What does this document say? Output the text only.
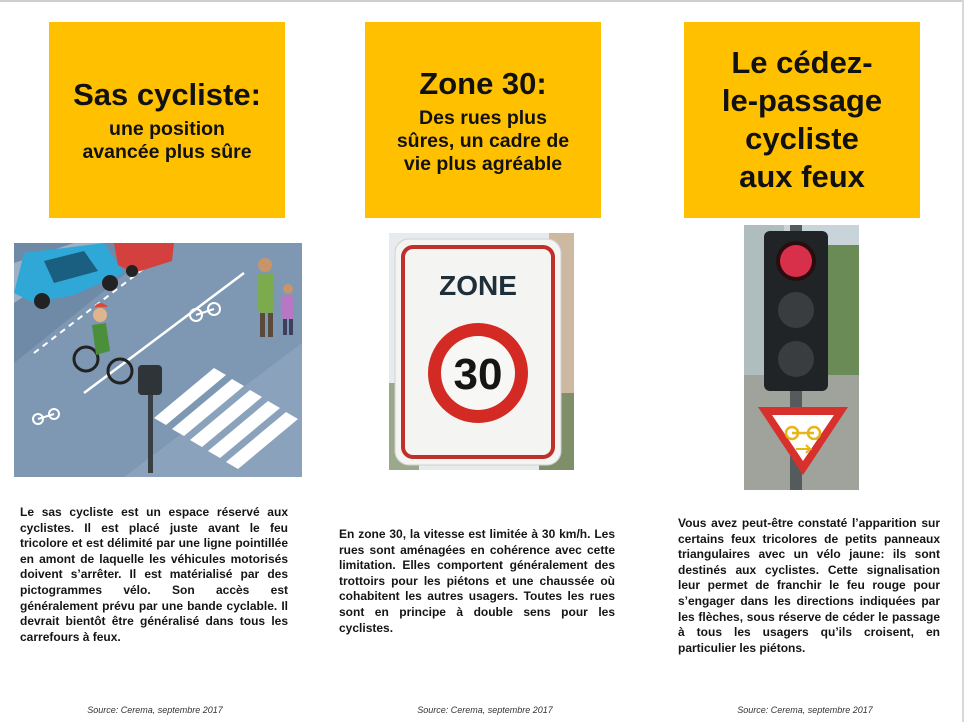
Sas cycliste:
une position avancée plus sûre
Le sas cycliste est un espace réservé aux cyclistes. Il est placé juste avant le feu tricolore et est délimité par une ligne pointillée en amont de laquelle les véhicules motorisés doivent s’arrêter. Il est matérialisé par des pictogrammes vélo. Son accès est généralement prévu par une bande cyclable. Il devrait bientôt être généralisé dans tous les carrefours à feux.
Source: Cerema, septembre 2017
Zone 30:
Des rues plus sûres, un cadre de vie plus agréable
ZONE
30
En zone 30, la vitesse est limitée à 30 km/h. Les rues sont aménagées en cohérence avec cette limitation. Elles comportent généralement des trottoirs pour les piétons et une chaussée où cohabitent les autres usagers. Toutes les rues sont en principe à double sens pour les cyclistes.
Source: Cerema, septembre 2017
Le cédez-le-passage cycliste aux feux
Vous avez peut-être constaté l’apparition sur certains feux tricolores de petits panneaux triangulaires avec un vélo jaune: ils sont destinés aux cyclistes. Cette signalisation leur permet de franchir le feu rouge pour s’engager dans les directions indiquées par les flèches, sous réserve de céder le passage à tous les usagers qu’ils croisent, en particulier les piétons.
Source: Cerema, septembre 2017
